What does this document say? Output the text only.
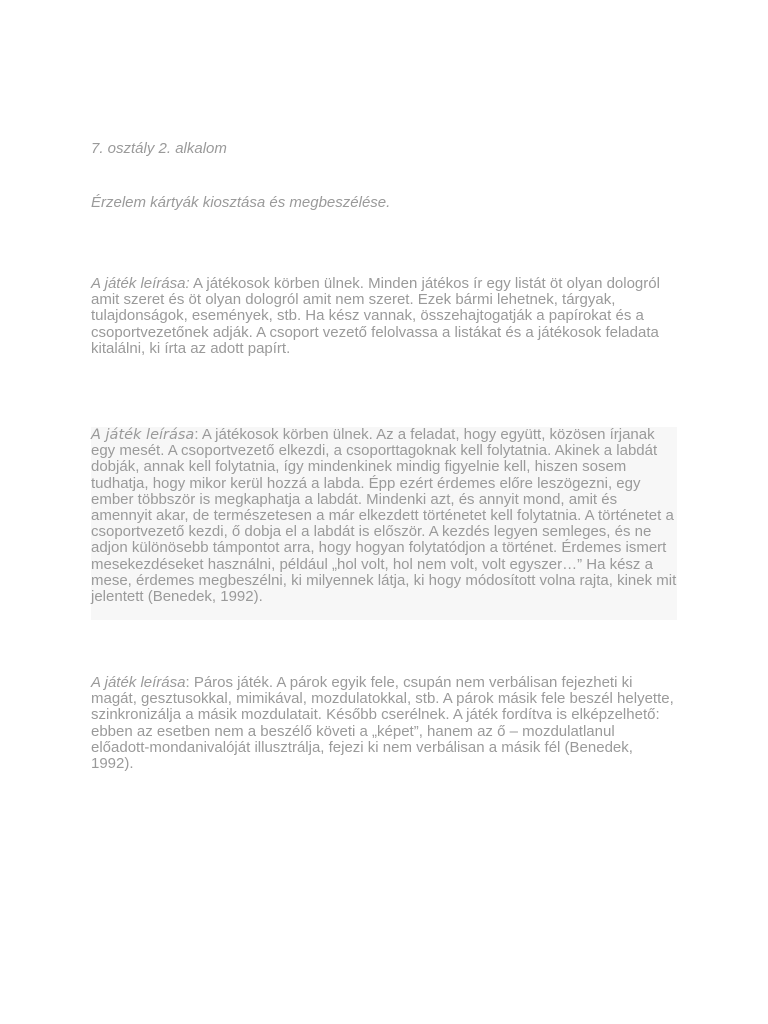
7. osztály 2. alkalom
Érzelem kártyák kiosztása és megbeszélése.
A játék leírása: A játékosok körben ülnek. Minden játékos ír egy listát öt olyan dologról amit szeret és öt olyan dologról amit nem szeret. Ezek bármi lehetnek, tárgyak, tulajdonságok, események, stb. Ha kész vannak, összehajtogatják a papírokat és a csoportvezetőnek adják. A csoport vezető felolvassa a listákat és a játékosok feladata kitalálni, ki írta az adott papírt.
A játék leírása: A játékosok körben ülnek. Az a feladat, hogy együtt, közösen írjanak egy mesét. A csoportvezető elkezdi, a csoporttagoknak kell folytatnia. Akinek a labdát dobják, annak kell folytatnia, így mindenkinek mindig figyelnie kell, hiszen sosem tudhatja, hogy mikor kerül hozzá a labda. Épp ezért érdemes előre leszögezni, egy ember többször is megkaphatja a labdát. Mindenki azt, és annyit mond, amit és amennyit akar, de természetesen a már elkezdett történetet kell folytatnia. A történetet a csoportvezető kezdi, ő dobja el a labdát is először. A kezdés legyen semleges, és ne adjon különösebb támpontot arra, hogy hogyan folytatódjon a történet. Érdemes ismert mesekezdéseket használni, például „hol volt, hol nem volt, volt egyszer…” Ha kész a mese, érdemes megbeszélni, ki milyennek látja, ki hogy módosított volna rajta, kinek mit jelentett (Benedek, 1992).
A játék leírása: Páros játék. A párok egyik fele, csupán nem verbálisan fejezheti ki magát, gesztusokkal, mimikával, mozdulatokkal, stb. A párok másik fele beszél helyette, szinkronizálja a másik mozdulatait. Később cserélnek. A játék fordítva is elképzelhető: ebben az esetben nem a beszélő követi a „képet”, hanem az ő – mozdulatlanul előadott-mondanivalóját illusztrálja, fejezi ki nem verbálisan a másik fél (Benedek, 1992).
